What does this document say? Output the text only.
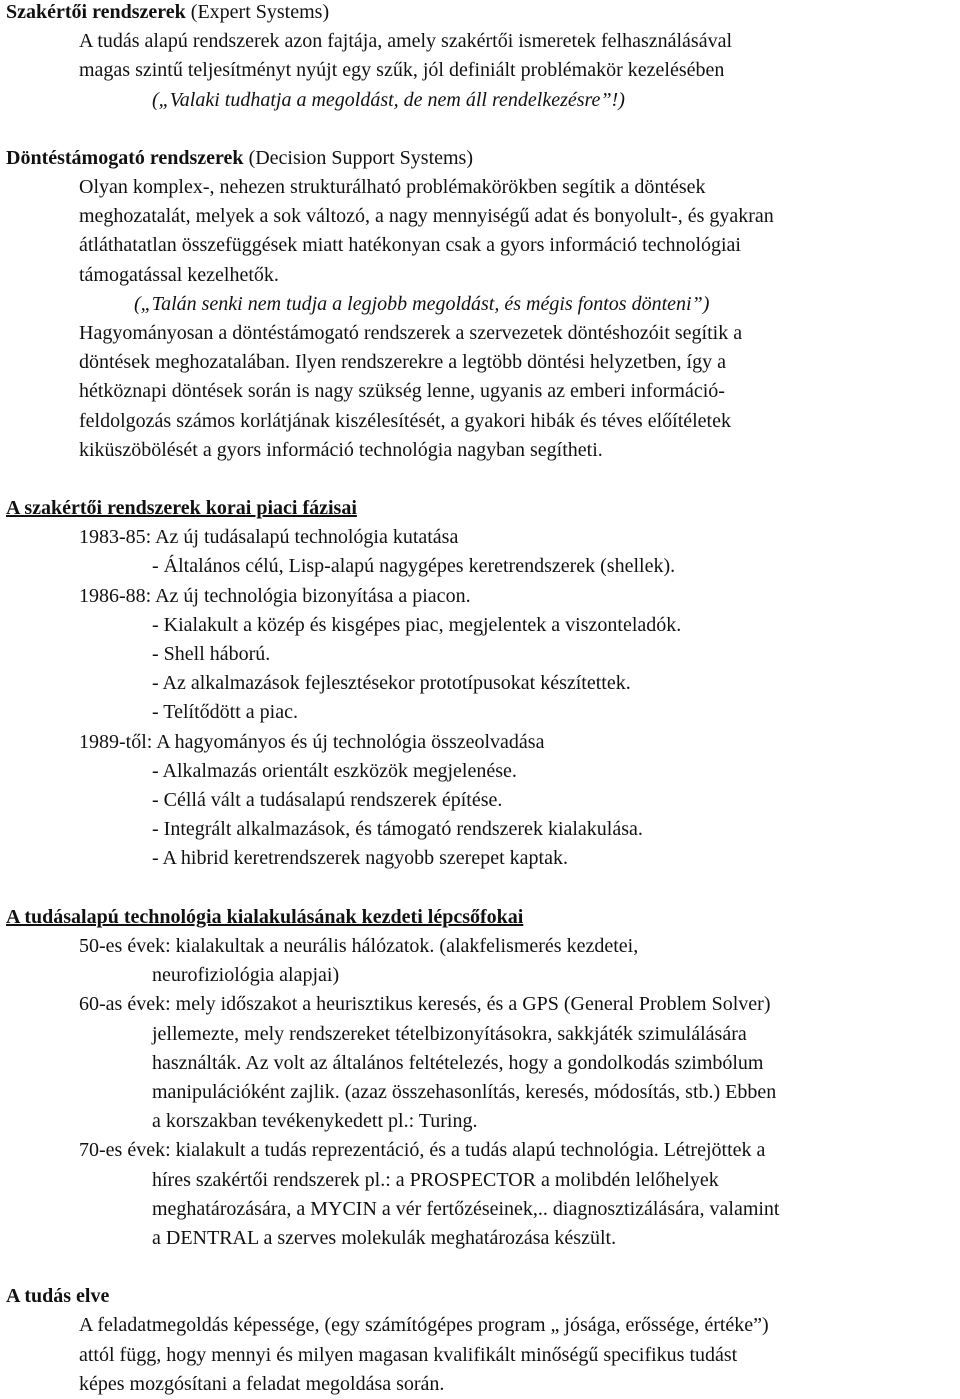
Szakértői rendszerek (Expert Systems)

A tudás alapú rendszerek azon fajtája, amely szakértői ismeretek felhasználásával

magas szintű teljesítményt nyújt egy szűk, jól definiált problémakör kezelésében

(„Valaki tudhatja a megoldást, de nem áll rendelkezésre”!)

Döntéstámogató rendszerek (Decision Support Systems)

Olyan komplex-, nehezen strukturálható problémakörökben segítik a döntések

meghozatalát, melyek a sok változó, a nagy mennyiségű adat és bonyolult-, és gyakran

átláthatatlan összefüggések miatt hatékonyan csak a gyors információ technológiai

támogatással kezelhetők.

(„Talán senki nem tudja a legjobb megoldást, és mégis fontos dönteni”)

Hagyományosan a döntéstámogató rendszerek a szervezetek döntéshozóit segítik a

döntések meghozatalában. Ilyen rendszerekre a legtöbb döntési helyzetben, így a

hétköznapi döntések során is nagy szükség lenne, ugyanis az emberi információ-

feldolgozás számos korlátjának kiszélesítését, a gyakori hibák és téves előítéletek

kiküszöbölését a gyors információ technológia nagyban segítheti.

A szakértői rendszerek korai piaci fázisai

1983-85: Az új tudásalapú technológia kutatása

- Általános célú, Lisp-alapú nagygépes keretrendszerek (shellek).

1986-88: Az új technológia bizonyítása a piacon.

- Kialakult a közép és kisgépes piac, megjelentek a viszonteladók.

- Shell háború.

- Az alkalmazások fejlesztésekor prototípusokat készítettek.

- Telítődött a piac.

1989-től: A hagyományos és új technológia összeolvadása

- Alkalmazás orientált eszközök megjelenése.

- Céllá vált a tudásalapú rendszerek építése.

- Integrált alkalmazások, és támogató rendszerek kialakulása.

- A hibrid keretrendszerek nagyobb szerepet kaptak.

A tudásalapú technológia kialakulásának kezdeti lépcsőfokai

50-es évek: kialakultak a neurális hálózatok. (alakfelismerés kezdetei,

neurofiziológia alapjai)

60-as évek: mely időszakot a heurisztikus keresés, és a GPS (General Problem Solver)

jellemezte, mely rendszereket tételbizonyításokra, sakkjáték szimulálására

használták. Az volt az általános feltételezés, hogy a gondolkodás szimbólum

manipulációként zajlik. (azaz összehasonlítás, keresés, módosítás, stb.) Ebben

a korszakban tevékenykedett pl.: Turing.

70-es évek: kialakult a tudás reprezentáció, és a tudás alapú technológia. Létrejöttek a

híres szakértői rendszerek pl.: a PROSPECTOR a molibdén lelőhelyek

meghatározására, a MYCIN a vér fertőzéseinek,.. diagnosztizálására, valamint

a DENTRAL a szerves molekulák meghatározása készült.

A tudás elve

A feladatmegoldás képessége, (egy számítógépes program „ jósága, erőssége, értéke”)

attól függ, hogy mennyi és milyen magasan kvalifikált minőségű specifikus tudást

képes mozgósítani a feladat megoldása során.
